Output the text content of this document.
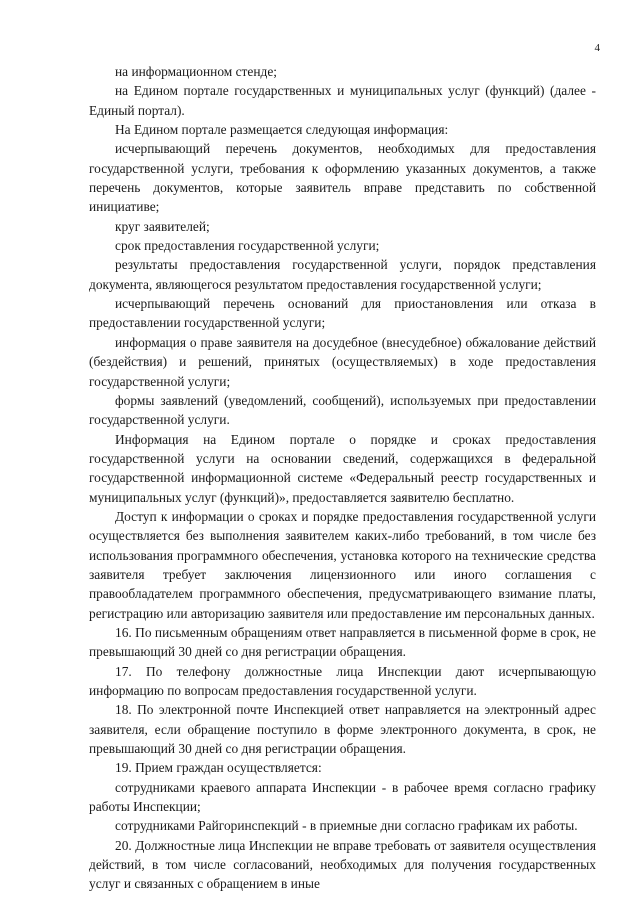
4

на информационном стенде;

на Едином портале государственных и муниципальных услуг (функций) (далее - Единый портал).

На Едином портале размещается следующая информация:

исчерпывающий перечень документов, необходимых для предоставления государственной услуги, требования к оформлению указанных документов, а также перечень документов, которые заявитель вправе представить по собственной инициативе;

круг заявителей;

срок предоставления государственной услуги;

результаты предоставления государственной услуги, порядок представления документа, являющегося результатом предоставления государственной услуги;

исчерпывающий перечень оснований для приостановления или отказа в предоставлении государственной услуги;

информация о праве заявителя на досудебное (внесудебное) обжалование действий (бездействия) и решений, принятых (осуществляемых) в ходе предоставления государственной услуги;

формы заявлений (уведомлений, сообщений), используемых при предоставлении государственной услуги.

Информация на Едином портале о порядке и сроках предоставления государственной услуги на основании сведений, содержащихся в федеральной государственной информационной системе «Федеральный реестр государственных и муниципальных услуг (функций)», предоставляется заявителю бесплатно.

Доступ к информации о сроках и порядке предоставления государственной услуги осуществляется без выполнения заявителем каких-либо требований, в том числе без использования программного обеспечения, установка которого на технические средства заявителя требует заключения лицензионного или иного соглашения с правообладателем программного обеспечения, предусматривающего взимание платы, регистрацию или авторизацию заявителя или предоставление им персональных данных.

16. По письменным обращениям ответ направляется в письменной форме в срок, не превышающий 30 дней со дня регистрации обращения.

17. По телефону должностные лица Инспекции дают исчерпывающую информацию по вопросам предоставления государственной услуги.

18. По электронной почте Инспекцией ответ направляется на электронный адрес заявителя, если обращение поступило в форме электронного документа, в срок, не превышающий 30 дней со дня регистрации обращения.

19. Прием граждан осуществляется:

сотрудниками краевого аппарата Инспекции - в рабочее время согласно графику работы Инспекции;

сотрудниками Райгоринспекций - в приемные дни согласно графикам их работы.

20. Должностные лица Инспекции не вправе требовать от заявителя осуществления действий, в том числе согласований, необходимых для получения государственных услуг и связанных с обращением в иные
